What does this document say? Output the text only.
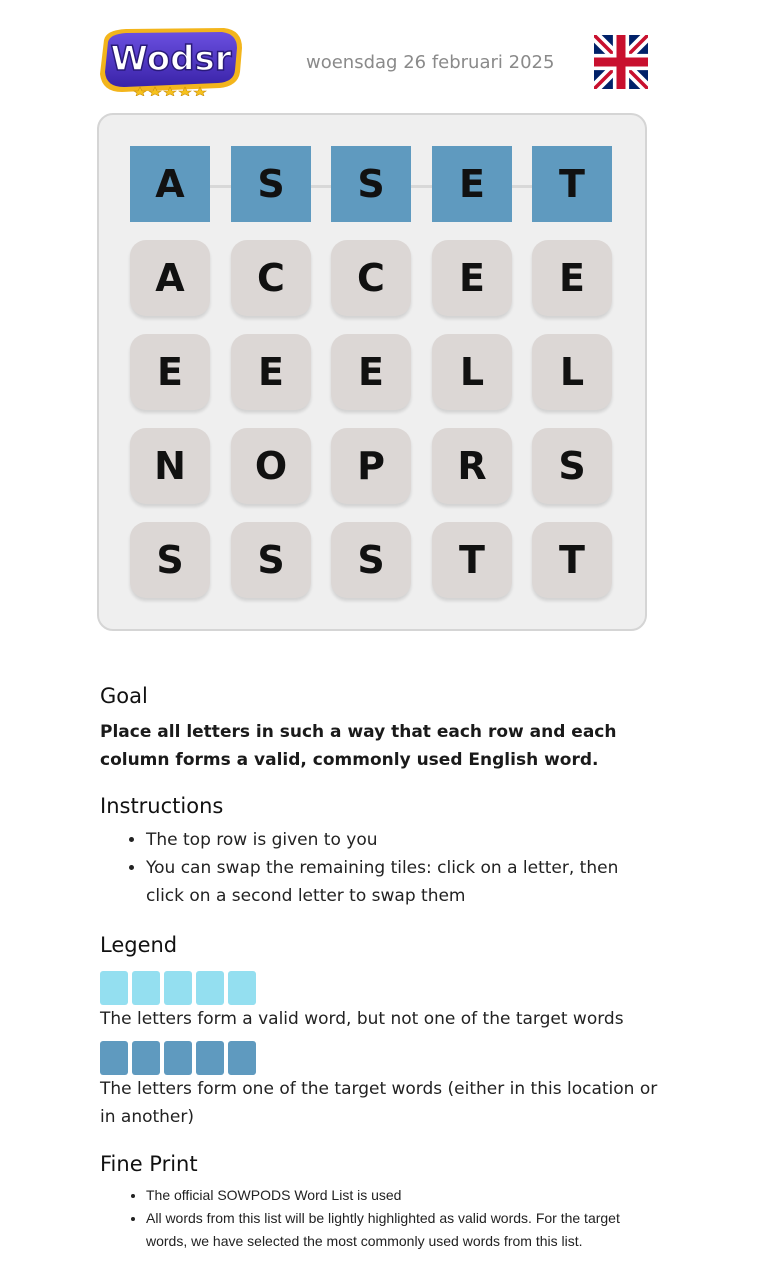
Wodsr	woensdag 26 februari 2025
A	S	S	E	T
A	C	C	E	E
E	E	E	L	L
N	O	P	R	S
S	S	S	T	T
Goal

Place all letters in such a way that each row and each column forms a valid, commonly used English word.

Instructions
• The top row is given to you
• You can swap the remaining tiles: click on a letter, then click on a second letter to swap them
Legend

The letters form a valid word, but not one of the target words

The letters form one of the target words (either in this location or in another)

Fine Print
• The official SOWPODS Word List is used
• All words from this list will be lightly highlighted as valid words. For the target words, we have selected the most commonly used words from this list.
